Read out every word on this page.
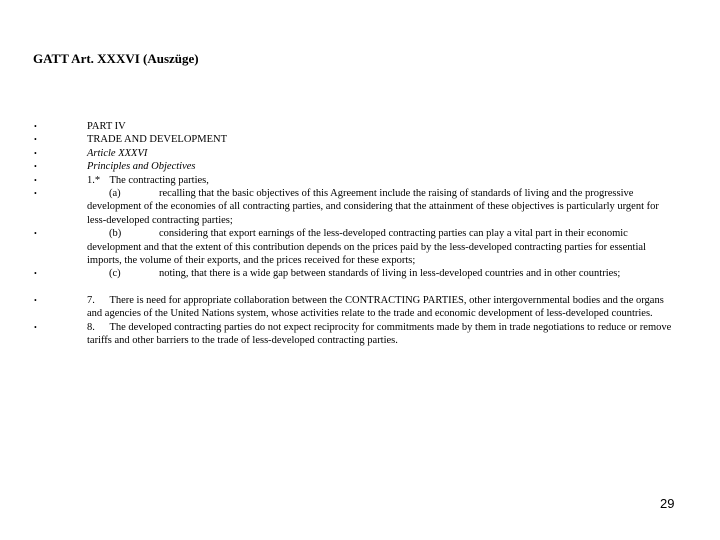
GATT Art. XXXVI (Auszüge)
•	PART IV
•	TRADE AND DEVELOPMENT
•	Article XXXVI
•	Principles and Objectives
•	1.* The contracting parties,
•	(a)	recalling that the basic objectives of this Agreement include the raising of standards of living and the progressive development of the economies of all contracting parties, and considering that the attainment of these objectives is particularly urgent for less-developed contracting parties;
•	(b)	considering that export earnings of the less-developed contracting parties can play a vital part in their economic development and that the extent of this contribution depends on the prices paid by the less-developed contracting parties for essential imports, the volume of their exports, and the prices received for these exports;
•	(c)	noting, that there is a wide gap between standards of living in less-developed countries and in other countries;
•	7. There is need for appropriate collaboration between the CONTRACTING PARTIES, other intergovernmental bodies and the organs and agencies of the United Nations system, whose activities relate to the trade and economic development of less-developed countries.
•	8. The developed contracting parties do not expect reciprocity for commitments made by them in trade negotiations to reduce or remove tariffs and other barriers to the trade of less-developed contracting parties.
29
